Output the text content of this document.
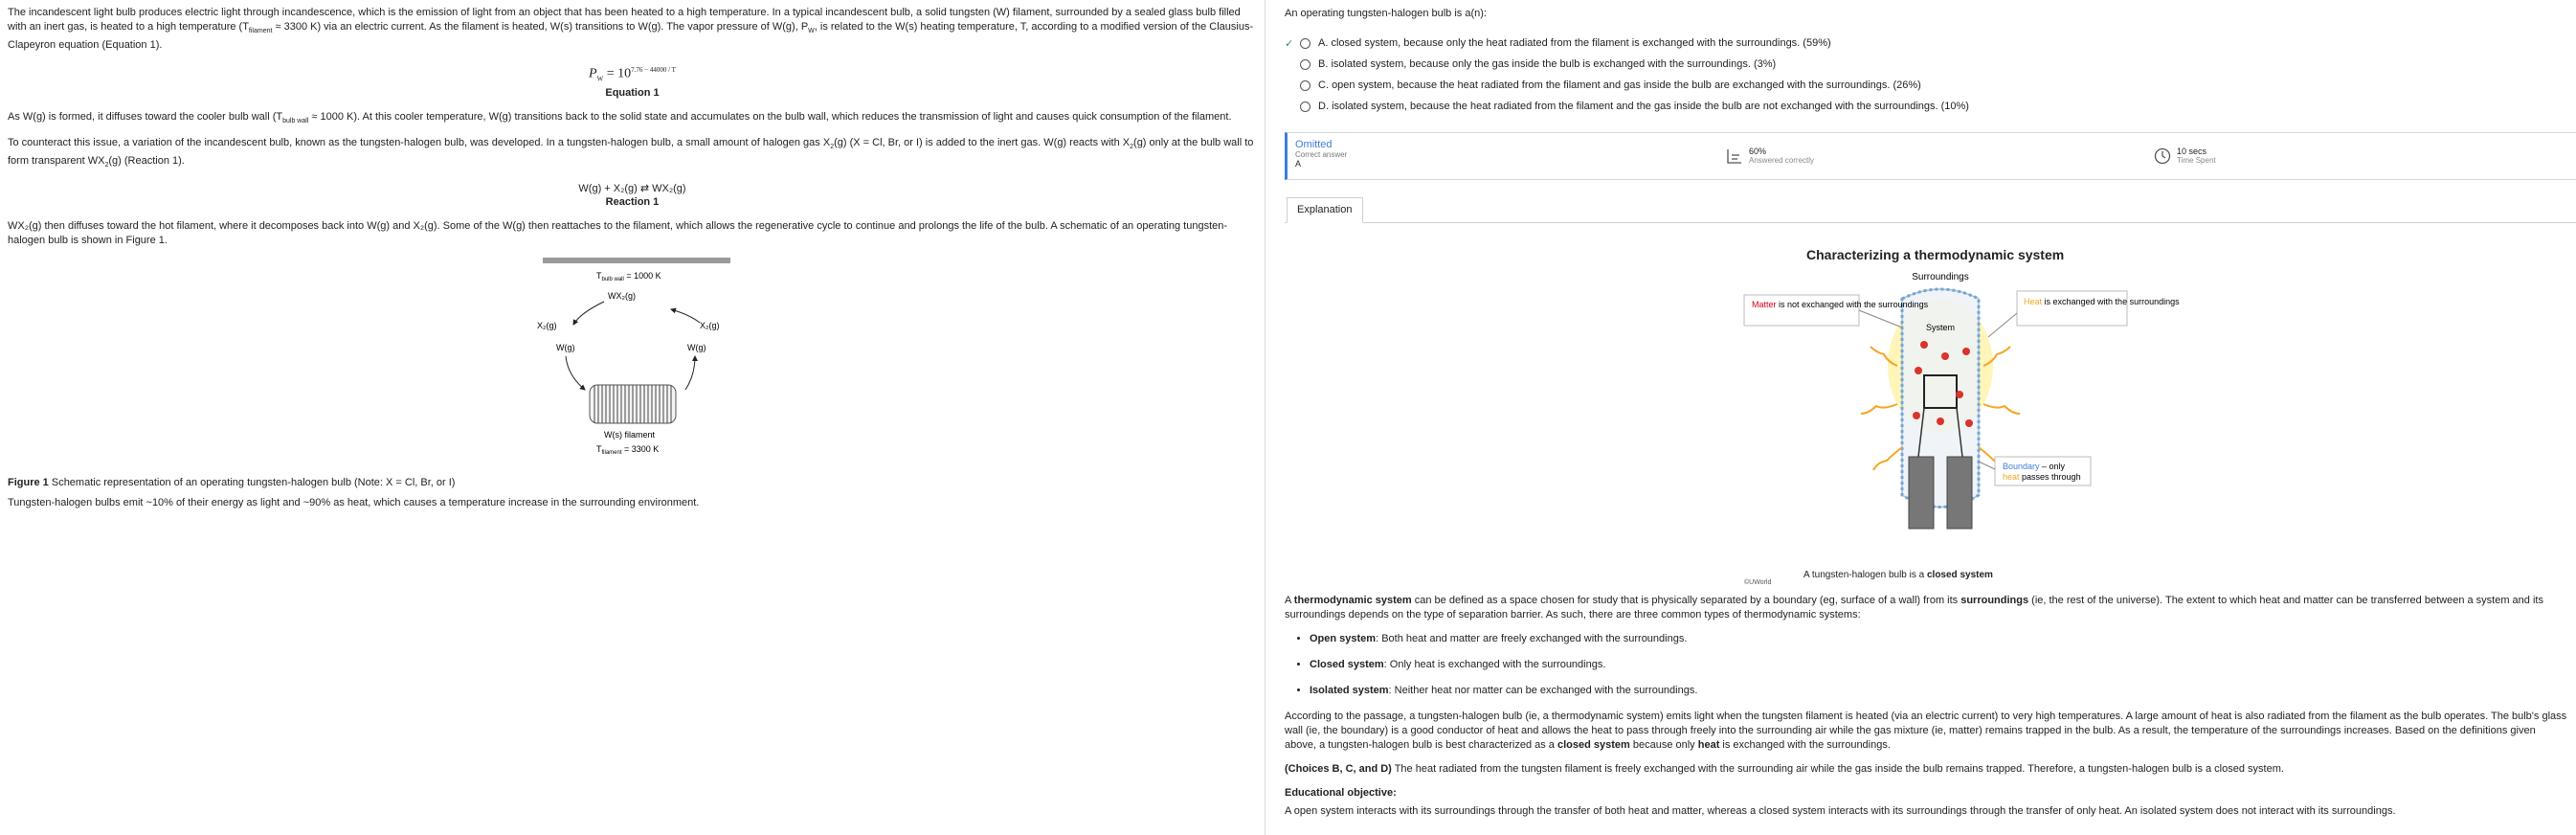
The incandescent light bulb produces electric light through incandescence, which is the emission of light from an object that has been heated to a high temperature. In a typical incandescent bulb, a solid tungsten (W) filament, surrounded by a sealed glass bulb filled with an inert gas, is heated to a high temperature ($T_{filament} \approx 3300$ K) via an electric current. As the filament is heated, W(s) transitions to W(g). The vapor pressure of W(g), $P_W$, is related to the W(s) heating temperature, T, according to a modified version of the Clausius-Clapeyron equation (Equation 1).

$P_W = 10^{7.76 - 44000 / T}$
Equation 1

As W(g) is formed, it diffuses toward the cooler bulb wall ($T_{bulb wall} \approx 1000$ K). At this cooler temperature, W(g) transitions back to the solid state and accumulates on the bulb wall, which reduces the transmission of light and causes quick consumption of the filament.

To counteract this issue, a variation of the incandescent bulb, known as the tungsten-halogen bulb, was developed. In a tungsten-halogen bulb, a small amount of halogen gas $X_2(g) (X = Cl$, Br, or I) is added to the inert gas. W(g) reacts with $X_2(g)$ only at the bulb wall to form transparent $WX_2(g)$ (Reaction 1).

W(g) + X₂(g) ⇄ WX₂(g)
Reaction 1

WX₂(g) then diffuses toward the hot filament, where it decomposes back into W(g) and X₂(g). Some of the W(g) then reattaches to the filament, which allows the regenerative cycle to continue and prolongs the life of the bulb. A schematic of an operating tungsten-halogen bulb is shown in Figure 1.

$T_{bulb wall} = 1000$ K
WX₂(g)
X₂(g)	X₂(g)
W(g)	W(g)
W(s) filament
$T_{filament} = 3300$ K

Figure 1 Schematic representation of an operating tungsten-halogen bulb (Note: X = Cl, Br, or I)

Tungsten-halogen bulbs emit ~10% of their energy as light and ~90% as heat, which causes a temperature increase in the surrounding environment.

An operating tungsten-halogen bulb is a(n):
✓ A.
closed system, because only the heat radiated from the filament is exchanged with the surroundings. (59%)
B.
isolated system, because only the gas inside the bulb is exchanged with the surroundings. (3%)
C.
open system, because the heat radiated from the filament and gas inside the bulb are exchanged with the surroundings. (26%)
D.
isolated system, because the heat radiated from the filament and the gas inside the bulb are not exchanged with the surroundings. (10%)
Omitted
Correct answer
A
60%
Answered correctly
10 secs
Time Spent
Explanation
Characterizing a thermodynamic system
Surroundings
System
Matter is not exchanged with the surroundings	Heat is exchanged with the surroundings
Boundary – only
heat passes through
©UWorld
A tungsten-halogen bulb is a closed system

A thermodynamic system can be defined as a space chosen for study that is physically separated by a boundary (eg, surface of a wall) from its surroundings (ie, the rest of the universe). The extent to which heat and matter can be transferred between a system and its surroundings depends on the type of separation barrier. As such, there are three common types of thermodynamic systems:

• Open system: Both heat and matter are freely exchanged with the surroundings.
• Closed system: Only heat is exchanged with the surroundings.
• Isolated system: Neither heat nor matter can be exchanged with the surroundings.

According to the passage, a tungsten-halogen bulb (ie, a thermodynamic system) emits light when the tungsten filament is heated (via an electric current) to very high temperatures. A large amount of heat is also radiated from the filament as the bulb operates. The bulb's glass wall (ie, the boundary) is a good conductor of heat and allows the heat to pass through freely into the surrounding air while the gas mixture (ie, matter) remains trapped in the bulb. As a result, the temperature of the surroundings increases. Based on the definitions given above, a tungsten-halogen bulb is best characterized as a closed system because only heat is exchanged with the surroundings.

(Choices B, C, and D) The heat radiated from the tungsten filament is freely exchanged with the surrounding air while the gas inside the bulb remains trapped. Therefore, a tungsten-halogen bulb is a closed system.

Educational objective:

A open system interacts with its surroundings through the transfer of both heat and matter, whereas a closed system interacts with its surroundings through the transfer of only heat. An isolated system does not interact with its surroundings.
